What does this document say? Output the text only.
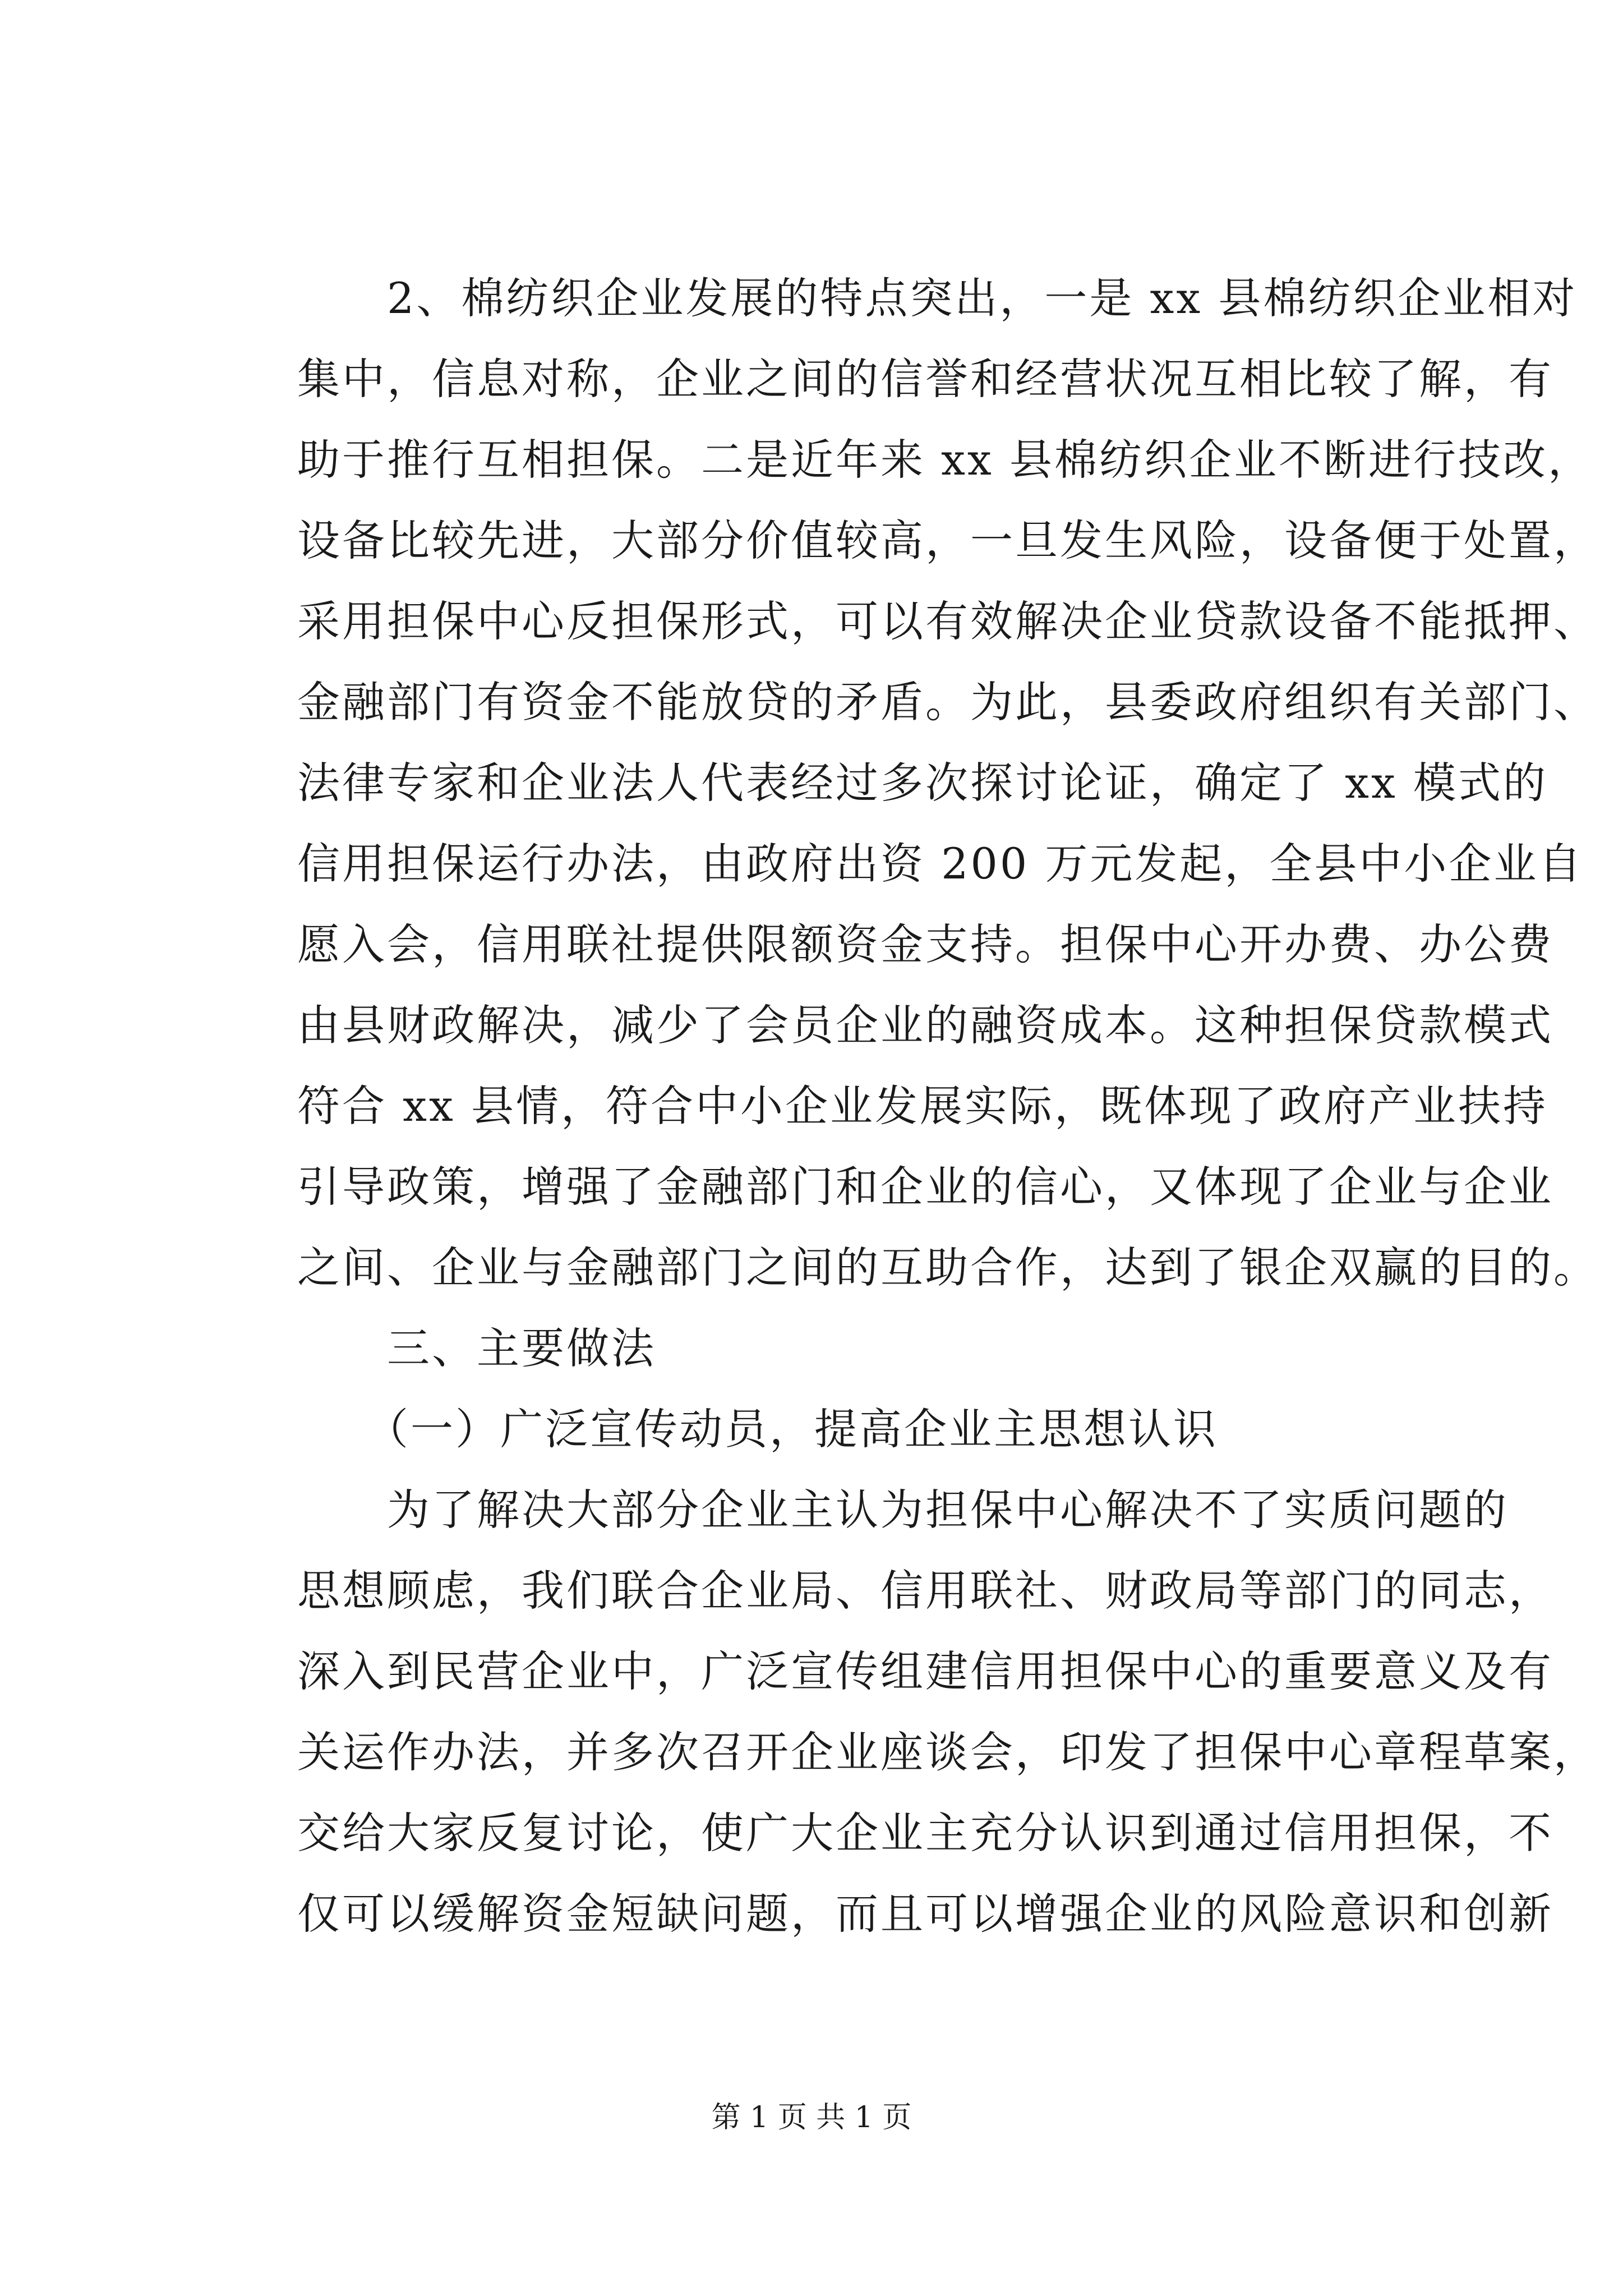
　　2、棉纺织企业发展的特点突出，一是 xx 县棉纺织企业相对
集中，信息对称，企业之间的信誉和经营状况互相比较了解，有
助于推行互相担保。二是近年来 xx 县棉纺织企业不断进行技改，
设备比较先进，大部分价值较高，一旦发生风险，设备便于处置，
采用担保中心反担保形式，可以有效解决企业贷款设备不能抵押、
金融部门有资金不能放贷的矛盾。为此，县委政府组织有关部门、
法律专家和企业法人代表经过多次探讨论证，确定了 xx 模式的
信用担保运行办法，由政府出资 200 万元发起，全县中小企业自
愿入会，信用联社提供限额资金支持。担保中心开办费、办公费
由县财政解决，减少了会员企业的融资成本。这种担保贷款模式
符合 xx 县情，符合中小企业发展实际，既体现了政府产业扶持
引导政策，增强了金融部门和企业的信心，又体现了企业与企业
之间、企业与金融部门之间的互助合作，达到了银企双赢的目的。
　　三、主要做法
　　（一）广泛宣传动员，提高企业主思想认识
　　为了解决大部分企业主认为担保中心解决不了实质问题的
思想顾虑，我们联合企业局、信用联社、财政局等部门的同志，
深入到民营企业中，广泛宣传组建信用担保中心的重要意义及有
关运作办法，并多次召开企业座谈会，印发了担保中心章程草案，
交给大家反复讨论，使广大企业主充分认识到通过信用担保，不
仅可以缓解资金短缺问题，而且可以增强企业的风险意识和创新
第 1 页 共 1 页
